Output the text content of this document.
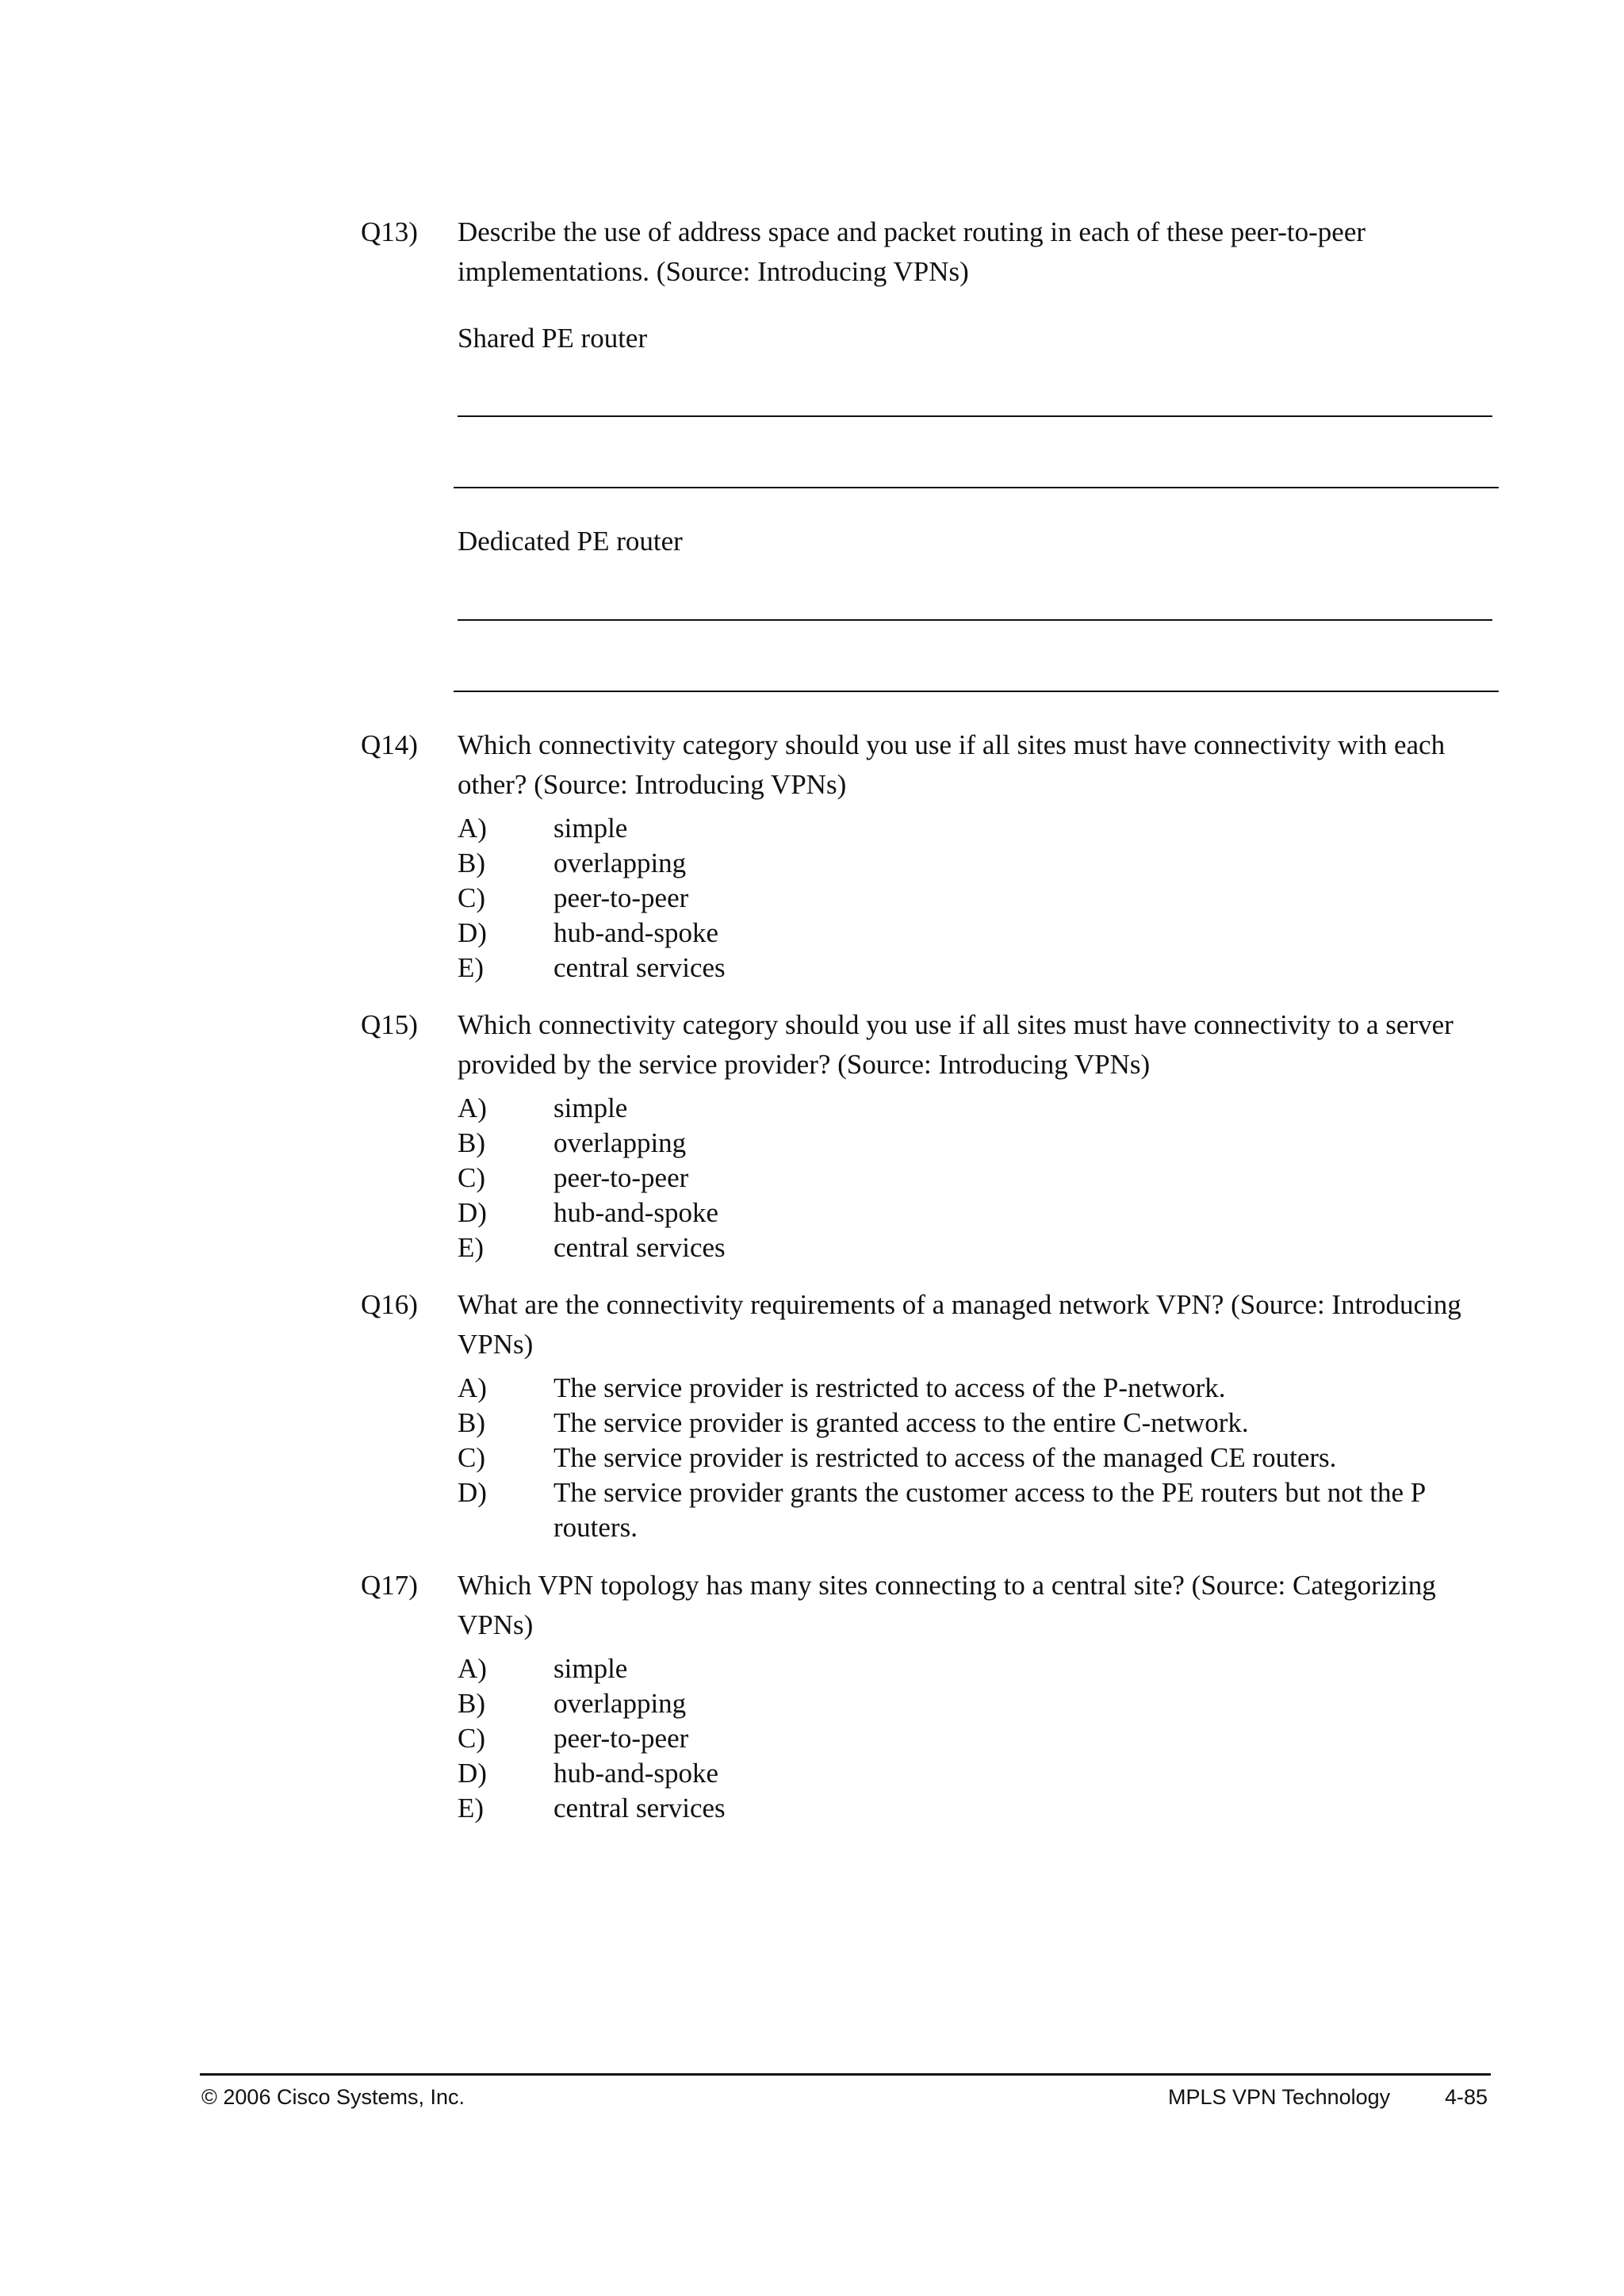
Q13) Describe the use of address space and packet routing in each of these peer-to-peer implementations. (Source: Introducing VPNs)
Shared PE router
Dedicated PE router
Q14) Which connectivity category should you use if all sites must have connectivity with each other? (Source: Introducing VPNs)
A) simple
B) overlapping
C) peer-to-peer
D) hub-and-spoke
E)	central services
Q15) Which connectivity category should you use if all sites must have connectivity to a server provided by the service provider? (Source: Introducing VPNs)
A) simple
B) overlapping
C) peer-to-peer
D) hub-and-spoke
E)	central services
Q16) What are the connectivity requirements of a managed network VPN? (Source: Introducing VPNs)
A) The service provider is restricted to access of the P-network.
B) The service provider is granted access to the entire C-network.
C) The service provider is restricted to access of the managed CE routers.
D) The service provider grants the customer access to the PE routers but not the P routers.
Q17) Which VPN topology has many sites connecting to a central site? (Source: Categorizing VPNs)
A) simple
B) overlapping
C) peer-to-peer
D) hub-and-spoke
E)	central services
© 2006 Cisco Systems, Inc.	MPLS VPN Technology	4-85
